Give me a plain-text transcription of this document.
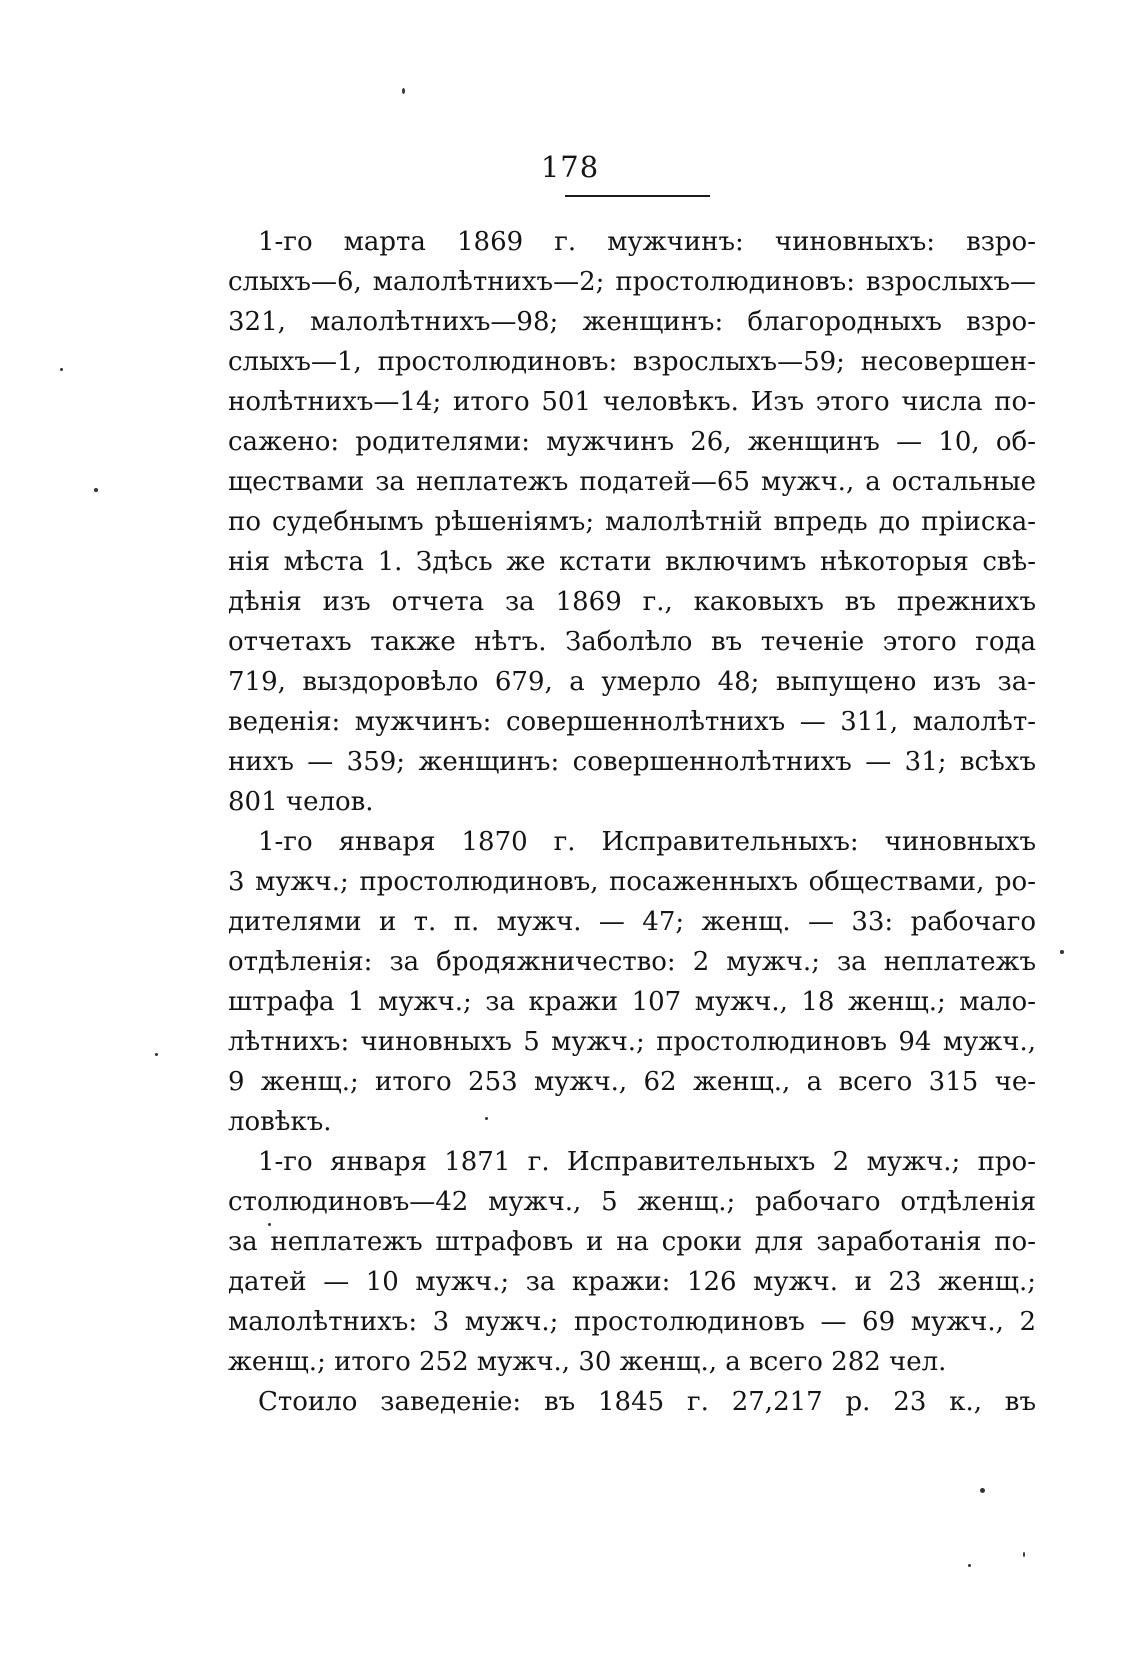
178
1-го марта 1869 г. мужчинъ: чиновныхъ: взро-
слыхъ—6, малолѣтнихъ—2; простолюдиновъ: взрослыхъ—
321, малолѣтнихъ—98; женщинъ: благородныхъ взро-
слыхъ—1, простолюдиновъ: взрослыхъ—59; несовершен-
нолѣтнихъ—14; итого 501 человѣкъ. Изъ этого числа по-
сажено: родителями: мужчинъ 26, женщинъ — 10, об-
ществами за неплатежъ податей—65 мужч., а остальные
по судебнымъ рѣшеніямъ; малолѣтній впредь до пріиска-
нія мѣста 1. Здѣсь же кстати включимъ нѣкоторыя свѣ-
дѣнія изъ отчета за 1869 г., каковыхъ въ прежнихъ
отчетахъ также нѣтъ. Заболѣло въ теченіе этого года
719, выздоровѣло 679, а умерло 48; выпущено изъ за-
веденія: мужчинъ: совершеннолѣтнихъ — 311, малолѣт-
нихъ — 359; женщинъ: совершеннолѣтнихъ — 31; всѣхъ
801 челов.
1-го января 1870 г. Исправительныхъ: чиновныхъ
3 мужч.; простолюдиновъ, посаженныхъ обществами, ро-
дителями и т. п. мужч. — 47; женщ. — 33: рабочаго
отдѣленія: за бродяжничество: 2 мужч.; за неплатежъ
штрафа 1 мужч.; за кражи 107 мужч., 18 женщ.; мало-
лѣтнихъ: чиновныхъ 5 мужч.; простолюдиновъ 94 мужч.,
9 женщ.; итого 253 мужч., 62 женщ., а всего 315 че-
ловѣкъ.
1-го января 1871 г. Исправительныхъ 2 мужч.; про-
столюдиновъ—42 мужч., 5 женщ.; рабочаго отдѣленія
за неплатежъ штрафовъ и на сроки для заработанія по-
датей — 10 мужч.; за кражи: 126 мужч. и 23 женщ.;
малолѣтнихъ: 3 мужч.; простолюдиновъ — 69 мужч., 2
женщ.; итого 252 мужч., 30 женщ., а всего 282 чел.
Стоило заведеніе: въ 1845 г. 27,217 р. 23 к., въ
